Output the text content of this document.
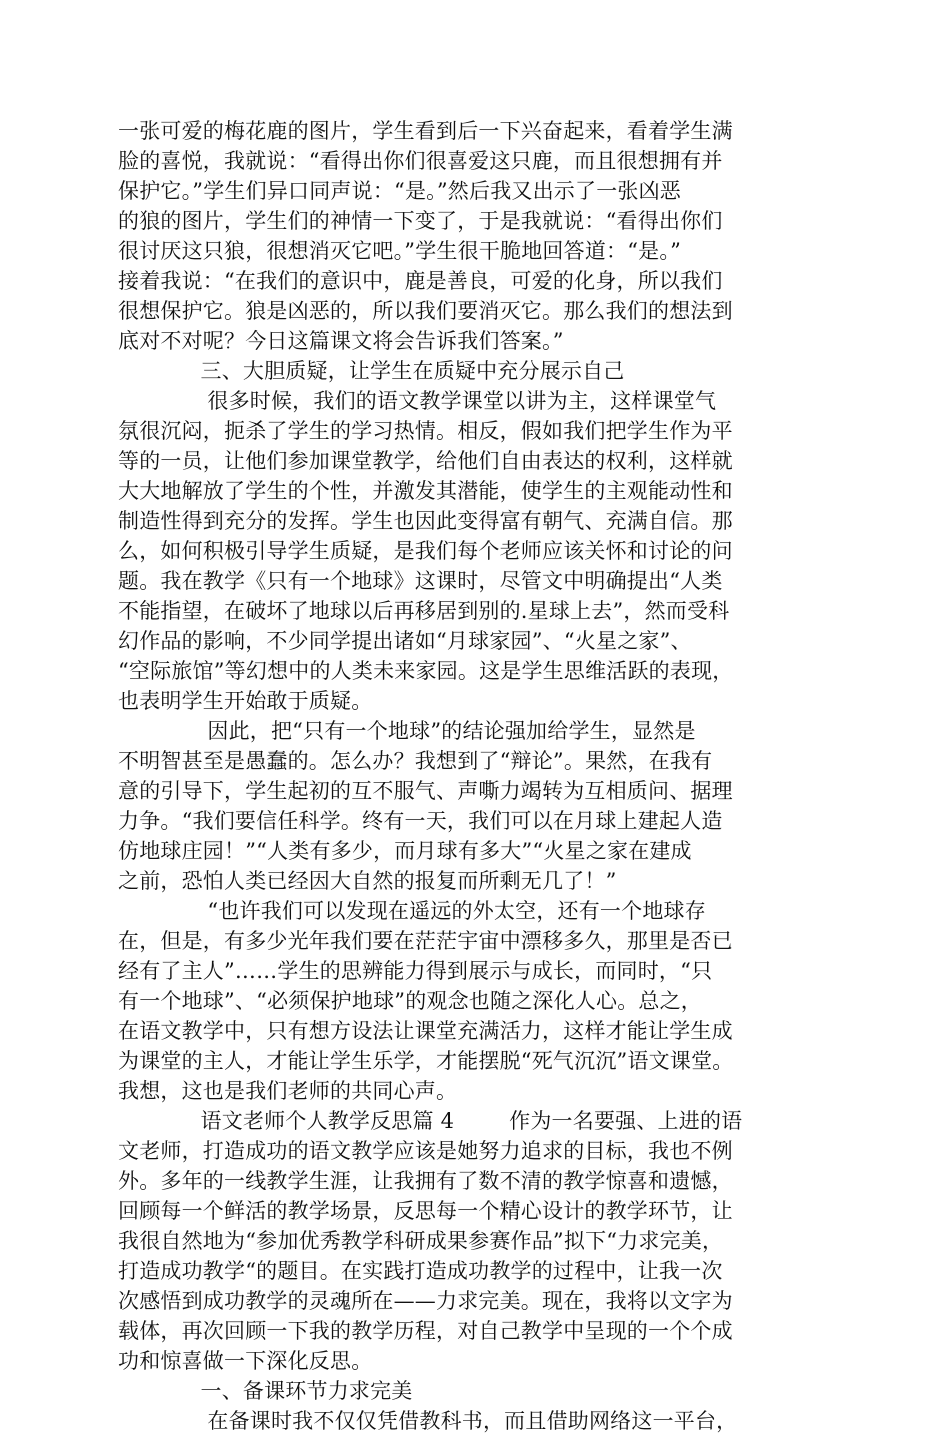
一张可爱的梅花鹿的图片，学生看到后一下兴奋起来，看着学生满
脸的喜悦，我就说：“看得出你们很喜爱这只鹿，而且很想拥有并
保护它。”学生们异口同声说：“是。”然后我又出示了一张凶恶
的狼的图片，学生们的神情一下变了，于是我就说：“看得出你们
很讨厌这只狼，很想消灭它吧。”学生很干脆地回答道：“是。”
接着我说：“在我们的意识中，鹿是善良，可爱的化身，所以我们
很想保护它。狼是凶恶的，所以我们要消灭它。那么我们的想法到
底对不对呢？今日这篇课文将会告诉我们答案。”
三、大胆质疑，让学生在质疑中充分展示自己
很多时候，我们的语文教学课堂以讲为主，这样课堂气
氛很沉闷，扼杀了学生的学习热情。相反，假如我们把学生作为平
等的一员，让他们参加课堂教学，给他们自由表达的权利，这样就
大大地解放了学生的个性，并激发其潜能，使学生的主观能动性和
制造性得到充分的发挥。学生也因此变得富有朝气、充满自信。那
么，如何积极引导学生质疑，是我们每个老师应该关怀和讨论的问
题。我在教学《只有一个地球》这课时，尽管文中明确提出“人类
不能指望，在破坏了地球以后再移居到别的.星球上去”，然而受科
幻作品的影响，不少同学提出诸如“月球家园”、“火星之家”、
“空际旅馆”等幻想中的人类未来家园。这是学生思维活跃的表现，
也表明学生开始敢于质疑。
因此，把“只有一个地球”的结论强加给学生，显然是
不明智甚至是愚蠢的。怎么办？我想到了“辩论”。果然，在我有
意的引导下，学生起初的互不服气、声嘶力竭转为互相质问、据理
力争。“我们要信任科学。终有一天，我们可以在月球上建起人造
仿地球庄园！”“人类有多少，而月球有多大”“火星之家在建成
之前，恐怕人类已经因大自然的报复而所剩无几了！”
“也许我们可以发现在遥远的外太空，还有一个地球存
在，但是，有多少光年我们要在茫茫宇宙中漂移多久，那里是否已
经有了主人”……学生的思辨能力得到展示与成长，而同时，“只
有一个地球”、“必须保护地球”的观念也随之深化人心。总之，
在语文教学中，只有想方设法让课堂充满活力，这样才能让学生成
为课堂的主人，才能让学生乐学，才能摆脱“死气沉沉”语文课堂。
我想，这也是我们老师的共同心声。
语文老师个人教学反思篇 4        作为一名要强、上进的语
文老师，打造成功的语文教学应该是她努力追求的目标，我也不例
外。多年的一线教学生涯，让我拥有了数不清的教学惊喜和遗憾，
回顾每一个鲜活的教学场景，反思每一个精心设计的教学环节，让
我很自然地为“参加优秀教学科研成果参赛作品”拟下“力求完美，
打造成功教学“的题目。在实践打造成功教学的过程中，让我一次
次感悟到成功教学的灵魂所在——力求完美。现在，我将以文字为
载体，再次回顾一下我的教学历程，对自己教学中呈现的一个个成
功和惊喜做一下深化反思。
一、备课环节力求完美
在备课时我不仅仅凭借教科书，而且借助网络这一平台，
